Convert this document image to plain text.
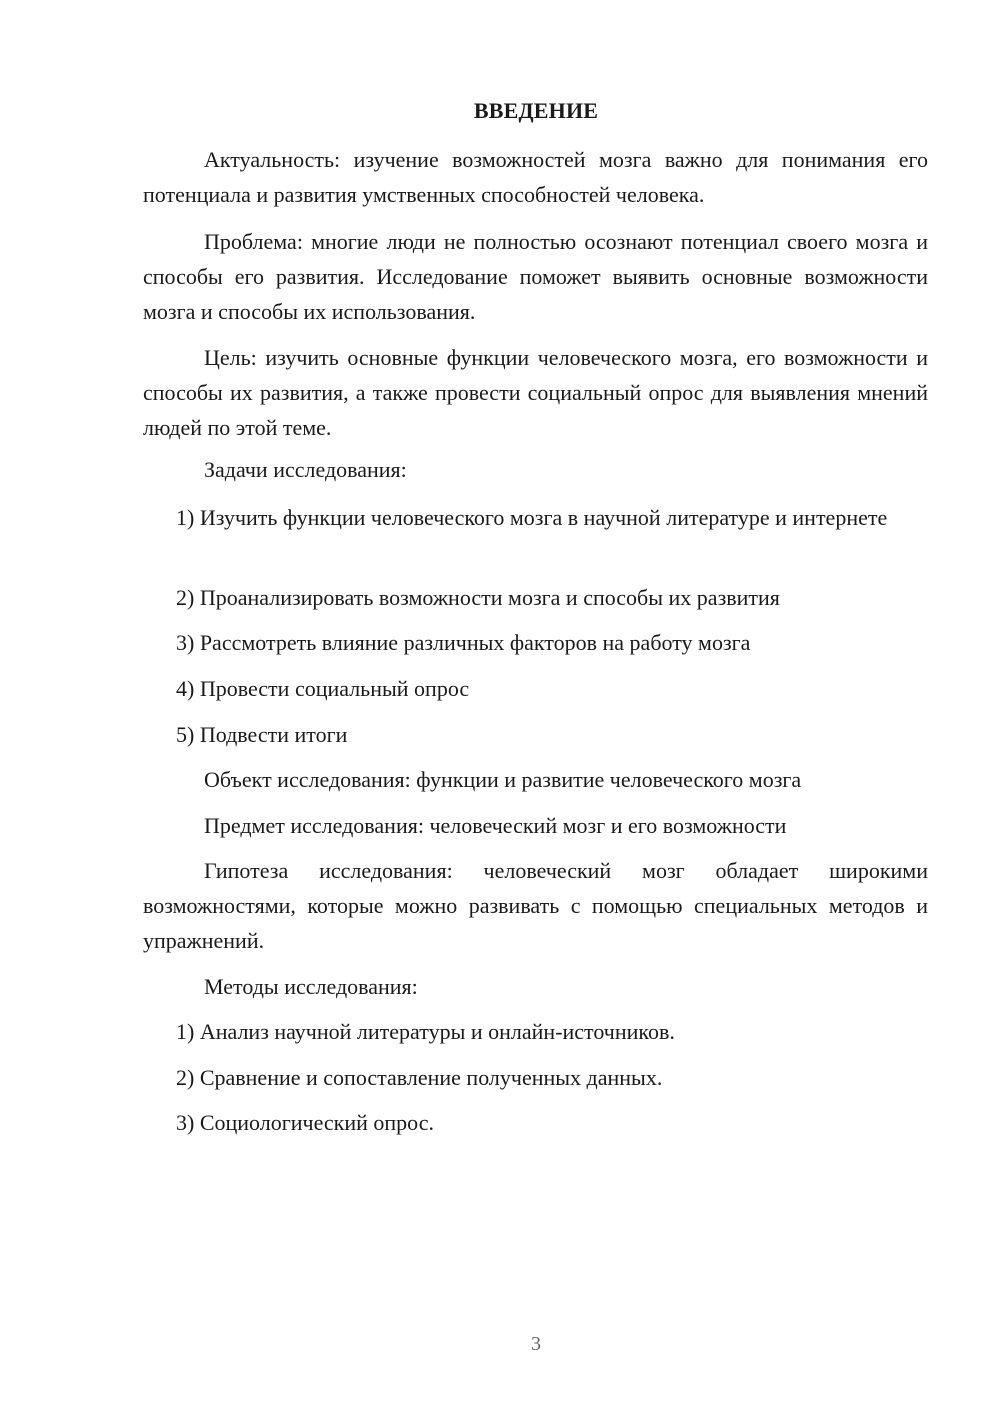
ВВЕДЕНИЕ
Актуальность: изучение возможностей мозга важно для понимания его потенциала и развития умственных способностей человека.
Проблема: многие люди не полностью осознают потенциал своего мозга и способы его развития. Исследование поможет выявить основные возможности мозга и способы их использования.
Цель: изучить основные функции человеческого мозга, его возможности и способы их развития, а также провести социальный опрос для выявления мнений людей по этой теме.
Задачи исследования:
1) Изучить функции человеческого мозга в научной литературе и интернете
2) Проанализировать возможности мозга и способы их развития
3) Рассмотреть влияние различных факторов на работу мозга
4) Провести социальный опрос
5) Подвести итоги
Объект исследования: функции и развитие человеческого мозга
Предмет исследования: человеческий мозг и его возможности
Гипотеза исследования: человеческий мозг обладает широкими возможностями, которые можно развивать с помощью специальных методов и упражнений.
Методы исследования:
1) Анализ научной литературы и онлайн-источников.
2) Сравнение и сопоставление полученных данных.
3) Социологический опрос.
3
